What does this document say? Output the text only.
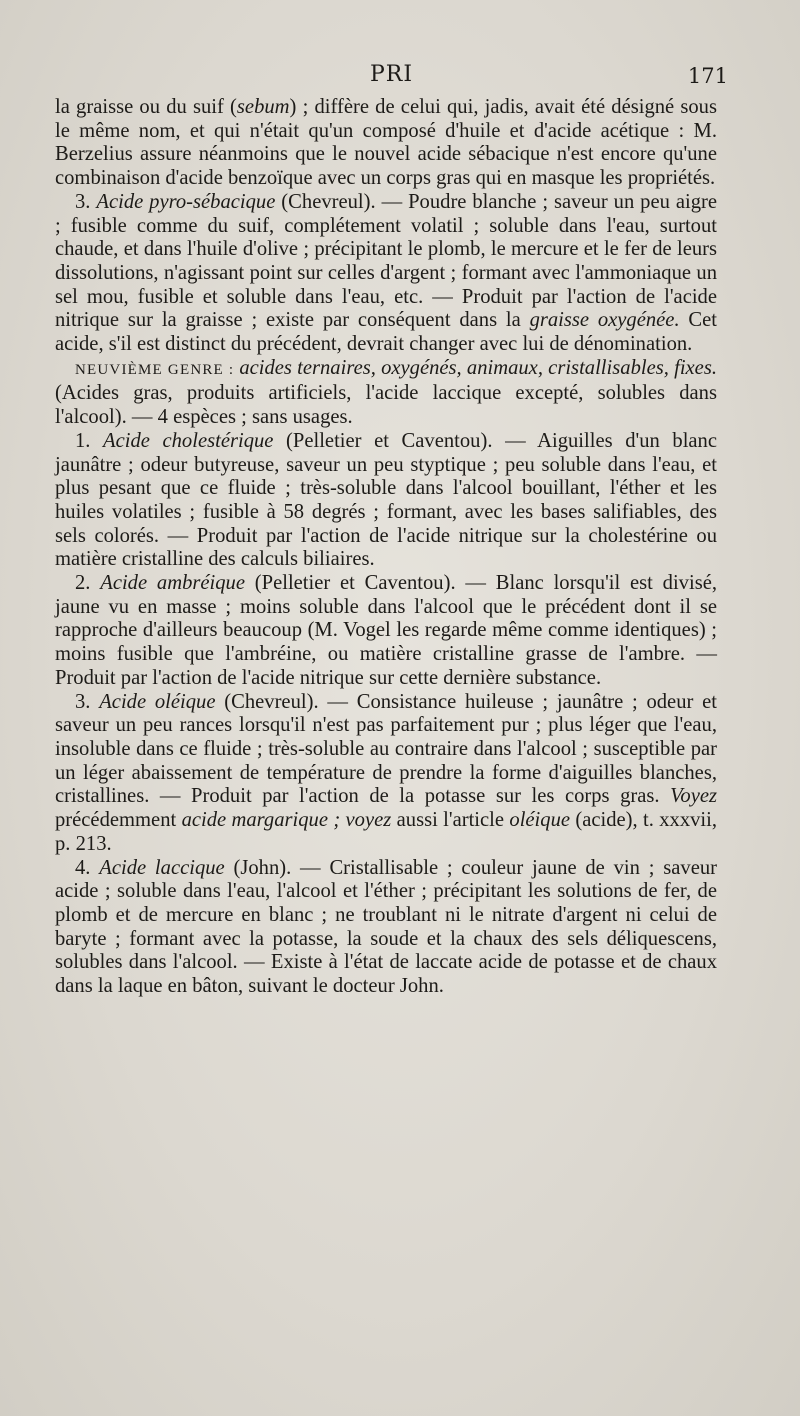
PRI	171

la graisse ou du suif (sebum) ; diffère de celui qui, jadis, avait été désigné sous le même nom, et qui n'était qu'un composé d'huile et d'acide acétique : M. Berzelius assure néanmoins que le nouvel acide sébacique n'est encore qu'une combinaison d'acide benzoïque avec un corps gras qui en masque les propriétés.

3. Acide pyro-sébacique (Chevreul). — Poudre blanche ; saveur un peu aigre ; fusible comme du suif, complétement volatil ; soluble dans l'eau, surtout chaude, et dans l'huile d'olive ; précipitant le plomb, le mercure et le fer de leurs dissolutions, n'agissant point sur celles d'argent ; formant avec l'ammoniaque un sel mou, fusible et soluble dans l'eau, etc. — Produit par l'action de l'acide nitrique sur la graisse ; existe par conséquent dans la graisse oxygénée. Cet acide, s'il est distinct du précédent, devrait changer avec lui de dénomination.

NEUVIÈME GENRE : acides ternaires, oxygénés, animaux, cristallisables, fixes. (Acides gras, produits artificiels, l'acide laccique excepté, solubles dans l'alcool). — 4 espèces ; sans usages.

1. Acide cholestérique (Pelletier et Caventou). — Aiguilles d'un blanc jaunâtre ; odeur butyreuse, saveur un peu styptique ; peu soluble dans l'eau, et plus pesant que ce fluide ; très-soluble dans l'alcool bouillant, l'éther et les huiles volatiles ; fusible à 58 degrés ; formant, avec les bases salifiables, des sels colorés. — Produit par l'action de l'acide nitrique sur la cholestérine ou matière cristalline des calculs biliaires.

2. Acide ambréique (Pelletier et Caventou). — Blanc lorsqu'il est divisé, jaune vu en masse ; moins soluble dans l'alcool que le précédent dont il se rapproche d'ailleurs beaucoup (M. Vogel les regarde même comme identiques) ; moins fusible que l'ambréine, ou matière cristalline grasse de l'ambre. — Produit par l'action de l'acide nitrique sur cette dernière substance.

3. Acide oléique (Chevreul). — Consistance huileuse ; jaunâtre ; odeur et saveur un peu rances lorsqu'il n'est pas parfaitement pur ; plus léger que l'eau, insoluble dans ce fluide ; très-soluble au contraire dans l'alcool ; susceptible par un léger abaissement de température de prendre la forme d'aiguilles blanches, cristallines. — Produit par l'action de la potasse sur les corps gras. Voyez précédemment acide margarique ; voyez aussi l'article oléique (acide), t. xxxvii, p. 213.

4. Acide laccique (John). — Cristallisable ; couleur jaune de vin ; saveur acide ; soluble dans l'eau, l'alcool et l'éther ; précipitant les solutions de fer, de plomb et de mercure en blanc ; ne troublant ni le nitrate d'argent ni celui de baryte ; formant avec la potasse, la soude et la chaux des sels déliquescens, solubles dans l'alcool. — Existe à l'état de laccate acide de potasse et de chaux dans la laque en bâton, suivant le docteur John.
